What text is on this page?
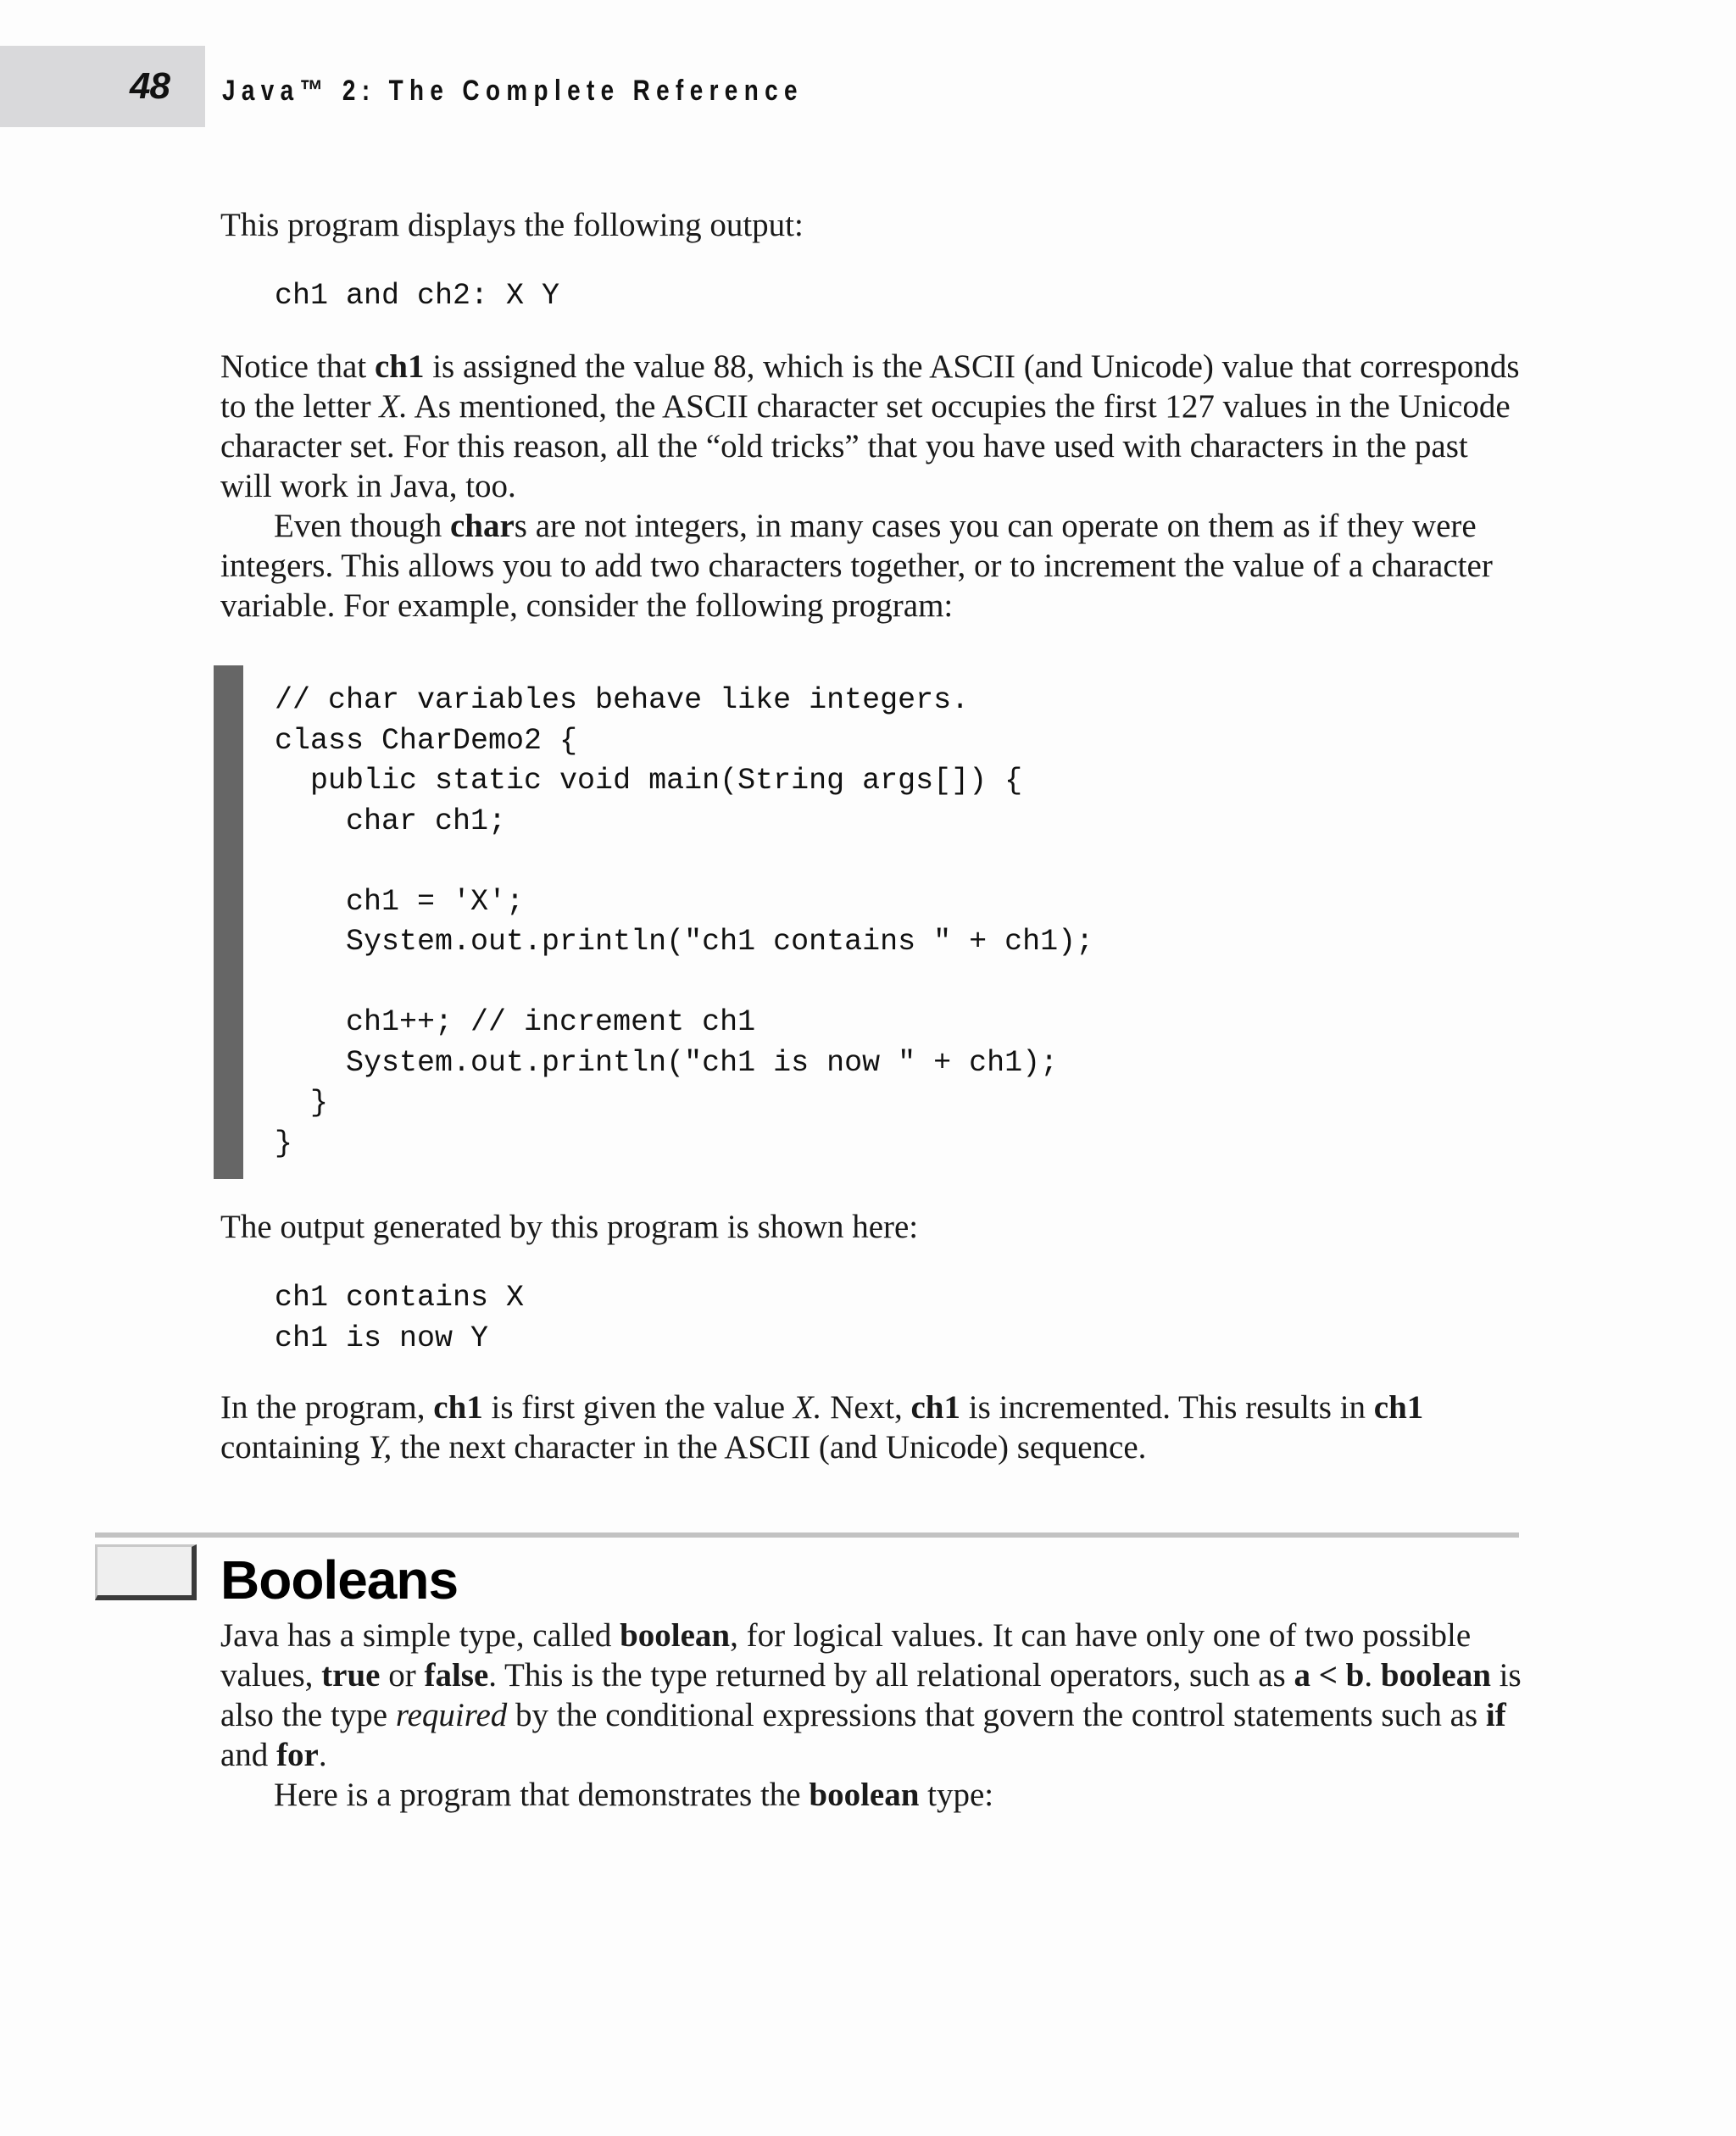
48 Java™ 2: The Complete Reference

This program displays the following output:

ch1 and ch2: X Y

Notice that ch1 is assigned the value 88, which is the ASCII (and Unicode) value that corresponds to the letter X. As mentioned, the ASCII character set occupies the first 127 values in the Unicode character set. For this reason, all the “old tricks” that you have used with characters in the past will work in Java, too.

Even though chars are not integers, in many cases you can operate on them as if they were integers. This allows you to add two characters together, or to increment the value of a character variable. For example, consider the following program:

// char variables behave like integers.
class CharDemo2 {
public static void main(String args[]) {
char ch1;

ch1 = 'X';
System.out.println("ch1 contains " + ch1);

ch1++; // increment ch1
System.out.println("ch1 is now " + ch1);
}
}

The output generated by this program is shown here:

ch1 contains X
ch1 is now Y

In the program, ch1 is first given the value X. Next, ch1 is incremented. This results in ch1 containing Y, the next character in the ASCII (and Unicode) sequence.

Booleans

Java has a simple type, called boolean, for logical values. It can have only one of two possible values, true or false. This is the type returned by all relational operators, such as a < b. boolean is also the type required by the conditional expressions that govern the control statements such as if and for.

Here is a program that demonstrates the boolean type:
